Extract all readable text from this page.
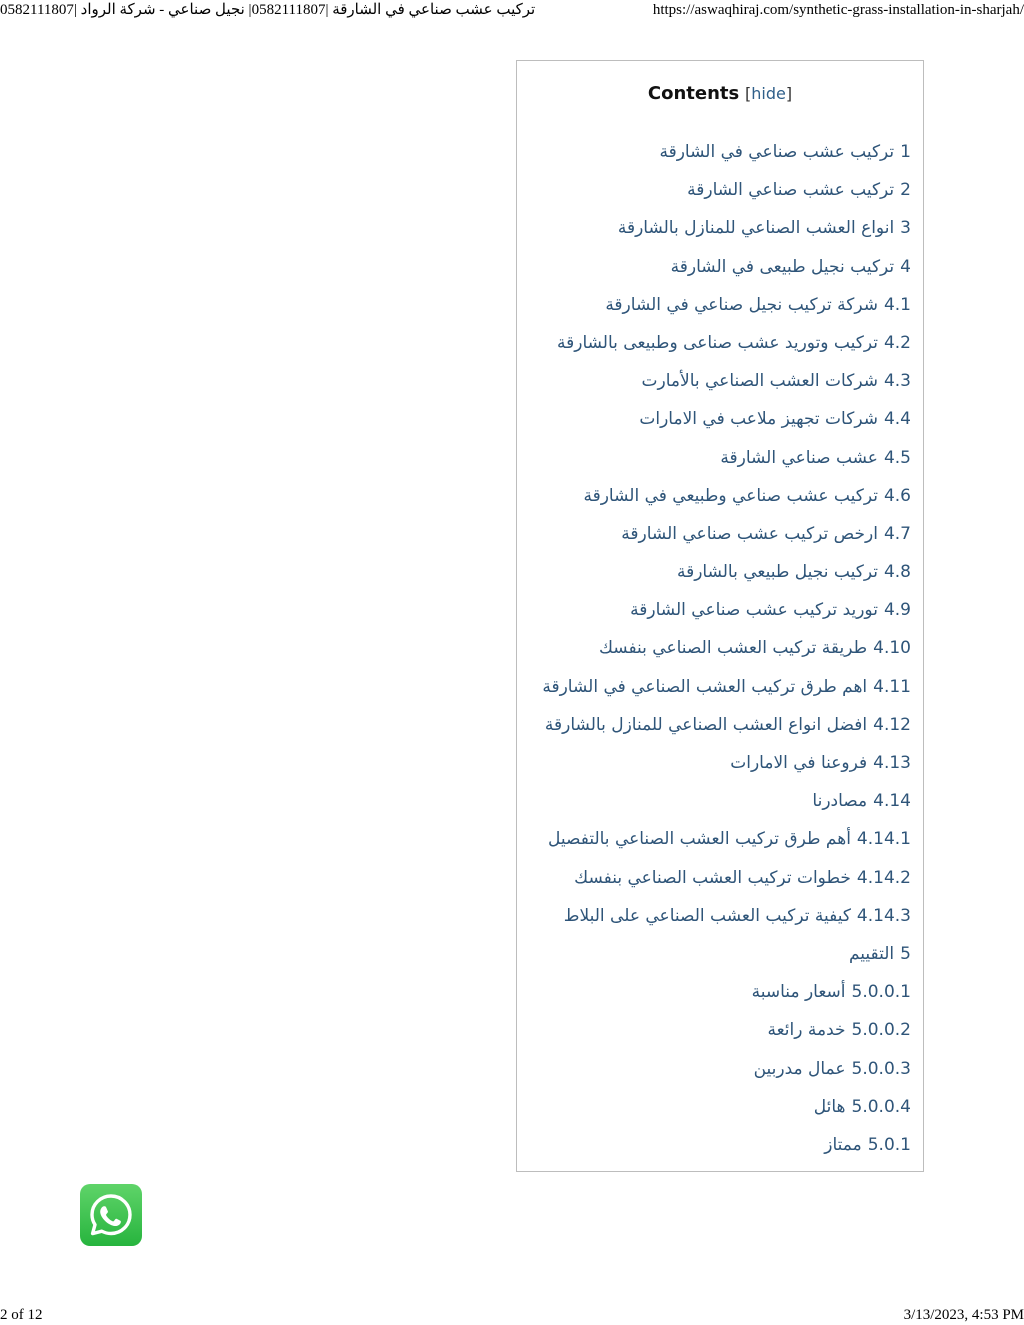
تركيب عشب صناعي في الشارقة |0582111807| نجيل صناعي - شركة الرواد |0582111807	https://aswaqhiraj.com/synthetic-grass-installation-in-sharjah/
Contents [hide]
1تركيب عشب صناعي في الشارقة
2تركيب عشب صناعي الشارقة
3انواع العشب الصناعي للمنازل بالشارقة
4تركيب نجيل طبيعى في الشارقة
4.1شركة تركيب نجيل صناعي في الشارقة
4.2تركيب وتوريد عشب صناعى وطبيعى بالشارقة
4.3شركات العشب الصناعي بالأمارت
4.4شركات تجهيز ملاعب في الامارات
4.5عشب صناعي الشارقة
4.6تركيب عشب صناعي وطبيعي في الشارقة
4.7ارخص تركيب عشب صناعي الشارقة
4.8تركيب نجيل طبيعي بالشارقة
4.9توريد تركيب عشب صناعي الشارقة
4.10طريقة تركيب العشب الصناعي بنفسك
4.11اهم طرق تركيب العشب الصناعي في الشارقة
4.12افضل انواع العشب الصناعي للمنازل بالشارقة
4.13فروعنا في الامارات
4.14مصادرنا
4.14.1أهم طرق تركيب العشب الصناعي بالتفصيل
4.14.2خطوات تركيب العشب الصناعي بنفسك
4.14.3كيفية تركيب العشب الصناعي على البلاط
5التقييم
5.0.0.1أسعار مناسبة
5.0.0.2خدمة رائعة
5.0.0.3عمال مدربين
5.0.0.4هائل
5.0.1ممتاز
2 of 12	3/13/2023, 4:53 PM
